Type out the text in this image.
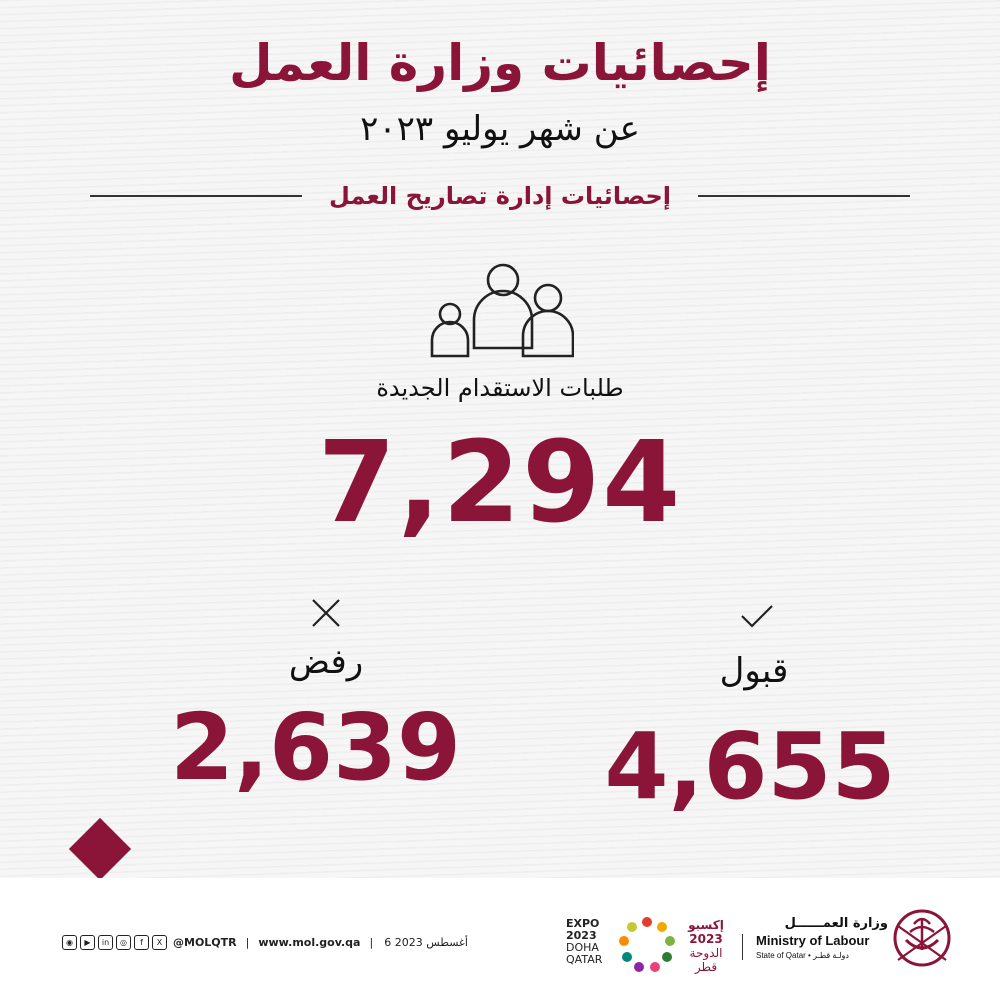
إحصائيات وزارة العمل
عن شهر يوليو ٢٠٢٣
إحصائيات إدارة تصاريح العمل
طلبات الاستقدام الجديدة
7,294
رفض	قبول
2,639 4,655
◉	▶	in	◎	f	X @MOLQTR | www.mol.gov.qa | 6 أغسطس 2023
EXPO
2023
DOHA
QATAR
إكسبو
2023
الدوحة
قطر
وزارة العمــــــل
Ministry of Labour
State of Qatar • دولـة قطـر
